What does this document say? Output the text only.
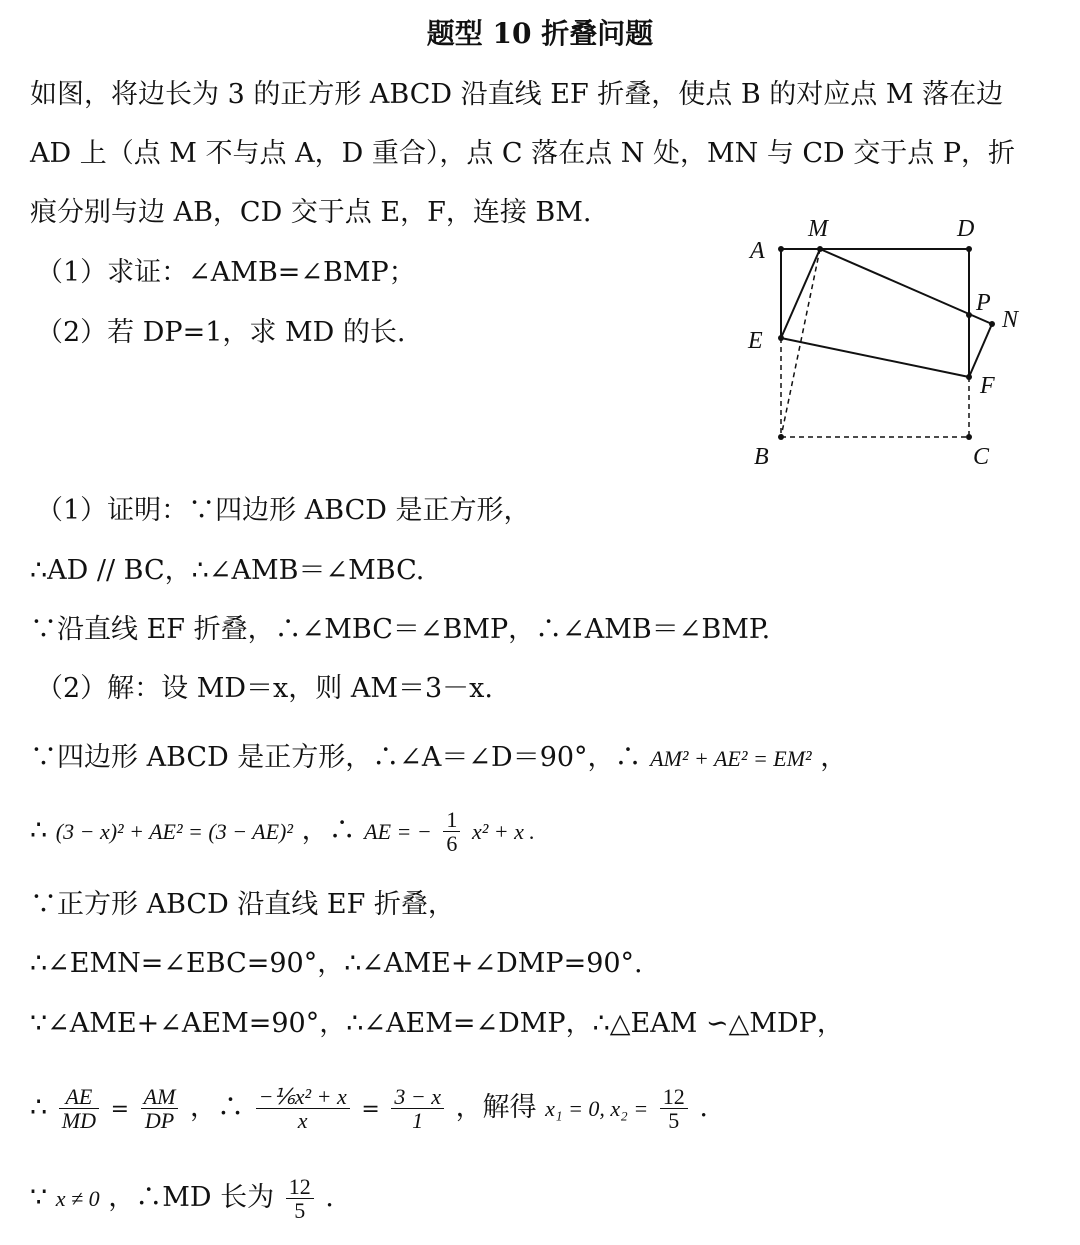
题型 10 折叠问题
如图，将边长为 3 的正方形 ABCD 沿直线 EF 折叠，使点 B 的对应点 M 落在边
AD 上（点 M 不与点 A，D 重合），点 C 落在点 N 处，MN 与 CD 交于点 P，折
痕分别与边 AB，CD 交于点 E，F，连接 BM.
（1）求证：∠AMB=∠BMP；
（2）若 DP=1，求 MD 的长.
M	D
A
P
N
E
F
B	C
（1）证明：∵四边形 ABCD 是正方形，
∴AD // BC，∴∠AMB＝∠MBC.
∵沿直线 EF 折叠，∴∠MBC＝∠BMP，∴∠AMB＝∠BMP.
（2）解：设 MD＝x，则 AM＝3－x.
∵四边形 ABCD 是正方形，∴∠A＝∠D＝90°，∴ AM² + AE² = EM² ，
∴ (3 − x)² + AE² = (3 − AE)² ，∴ AE = − $\frac{1}{6} x^2 + x$ .
∵正方形 ABCD 沿直线 EF 折叠，
∴∠EMN=∠EBC=90°，∴∠AME+∠DMP=90°.
∵∠AME+∠AEM=90°，∴∠AEM=∠DMP，∴△EAM ∽△MDP，
∴ $\frac{AE}{MD} = \frac{AM}{DP}$ ，∴ $\frac{\text{−⅙x² + x}}{x} = \frac{3 - x}{1}$ ，解得 x₁ = 0, $x_2 = \frac{12}{5}$ .
∵ x ≠ 0 ，∴MD 长为 $\frac{12}{5}$ .
